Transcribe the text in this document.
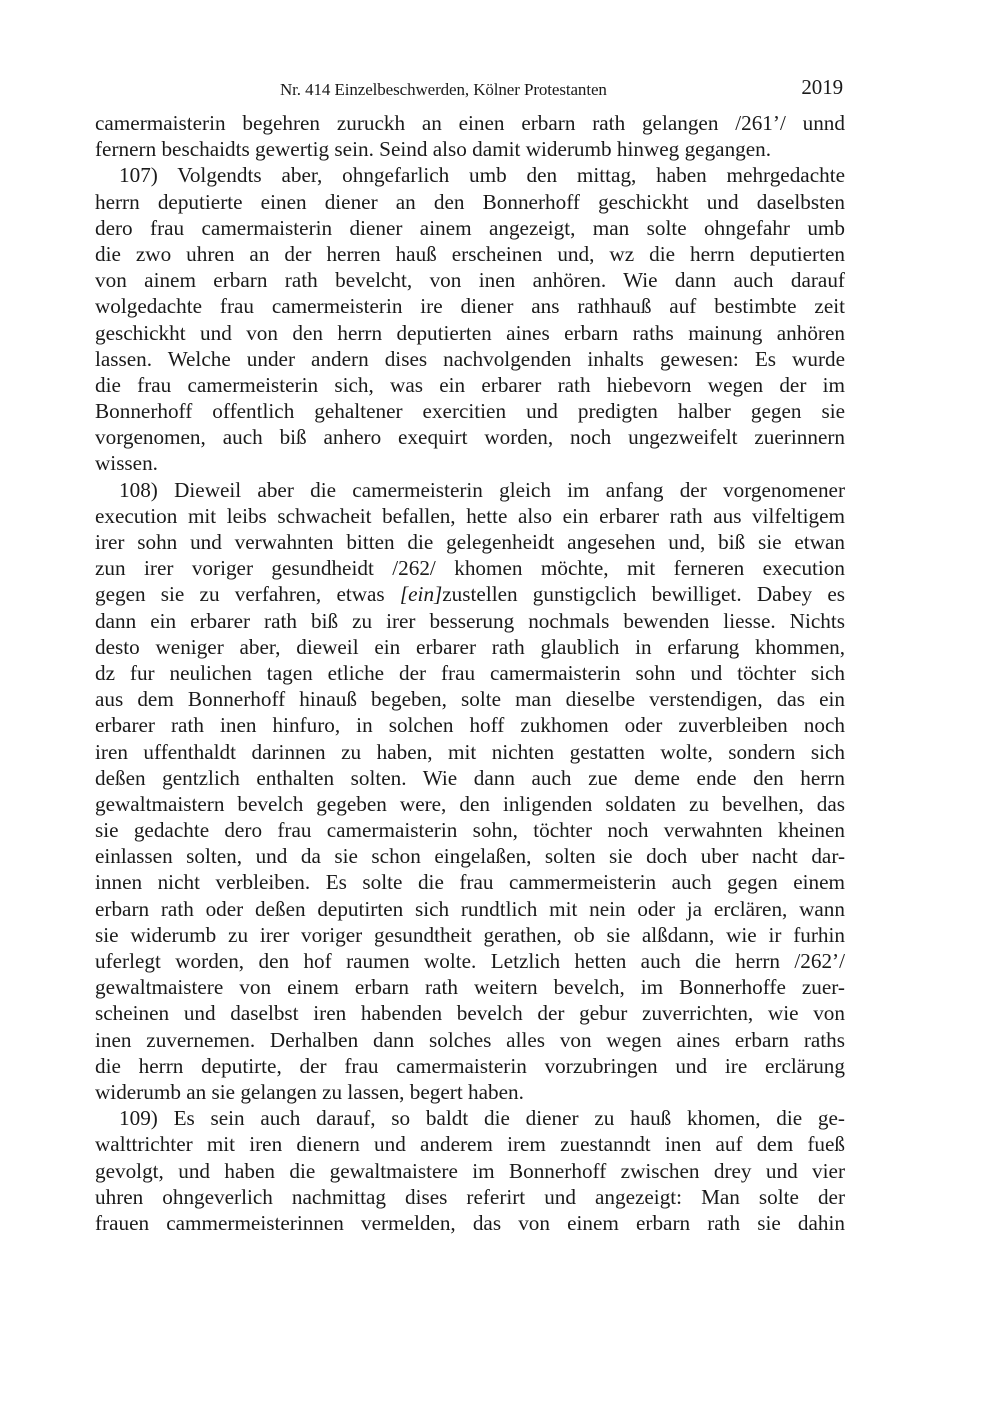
Nr. 414 Einzelbeschwerden, Kölner Protestanten	2019
camermaisterin begehren zuruckh an einen erbarn rath gelangen /261’/ unnd
fernern beschaidts gewertig sein. Seind also damit widerumb hinweg gegangen.
107) Volgendts aber, ohngefarlich umb den mittag, haben mehrgedachte
herrn deputierte einen diener an den Bonnerhoff geschickht und daselbsten
dero frau camermaisterin diener ainem angezeigt, man solte ohngefahr umb
die zwo uhren an der herren hauß erscheinen und, wz die herrn deputierten
von ainem erbarn rath bevelcht, von inen anhören. Wie dann auch darauf
wolgedachte frau camermeisterin ire diener ans rathhauß auf bestimbte zeit
geschickht und von den herrn deputierten aines erbarn raths mainung anhören
lassen. Welche under andern dises nachvolgenden inhalts gewesen: Es wurde
die frau camermeisterin sich, was ein erbarer rath hiebevorn wegen der im
Bonnerhoff offentlich gehaltener exercitien und predigten halber gegen sie
vorgenomen, auch biß anhero exequirt worden, noch ungezweifelt zuerinnern
wissen.
108) Dieweil aber die camermeisterin gleich im anfang der vorgenomener
execution mit leibs schwacheit befallen, hette also ein erbarer rath aus vilfeltigem
irer sohn und verwahnten bitten die gelegenheidt angesehen und, biß sie etwan
zun irer voriger gesundheidt /262/ khomen möchte, mit ferneren execution
gegen sie zu verfahren, etwas [ein]zustellen gunstigclich bewilliget. Dabey es
dann ein erbarer rath biß zu irer besserung nochmals bewenden liesse. Nichts
desto weniger aber, dieweil ein erbarer rath glaublich in erfarung khommen,
dz fur neulichen tagen etliche der frau camermaisterin sohn und töchter sich
aus dem Bonnerhoff hinauß begeben, solte man dieselbe verstendigen, das ein
erbarer rath inen hinfuro, in solchen hoff zukhomen oder zuverbleiben noch
iren uffenthaldt darinnen zu haben, mit nichten gestatten wolte, sondern sich
deßen gentzlich enthalten solten. Wie dann auch zue deme ende den herrn
gewaltmaistern bevelch gegeben were, den inligenden soldaten zu bevelhen, das
sie gedachte dero frau camermaisterin sohn, töchter noch verwahnten kheinen
einlassen solten, und da sie schon eingelaßen, solten sie doch uber nacht dar-
innen nicht verbleiben. Es solte die frau cammermeisterin auch gegen einem
erbarn rath oder deßen deputirten sich rundtlich mit nein oder ja erclären, wann
sie widerumb zu irer voriger gesundtheit gerathen, ob sie alßdann, wie ir furhin
uferlegt worden, den hof raumen wolte. Letzlich hetten auch die herrn /262’/
gewaltmaistere von einem erbarn rath weitern bevelch, im Bonnerhoffe zuer-
scheinen und daselbst iren habenden bevelch der gebur zuverrichten, wie von
inen zuvernemen. Derhalben dann solches alles von wegen aines erbarn raths
die herrn deputirte, der frau camermaisterin vorzubringen und ire erclärung
widerumb an sie gelangen zu lassen, begert haben.
109) Es sein auch darauf, so baldt die diener zu hauß khomen, die ge-
walttrichter mit iren dienern und anderem irem zuestanndt inen auf dem fueß
gevolgt, und haben die gewaltmaistere im Bonnerhoff zwischen drey und vier
uhren ohngeverlich nachmittag dises referirt und angezeigt: Man solte der
frauen cammermeisterinnen vermelden, das von einem erbarn rath sie dahin
